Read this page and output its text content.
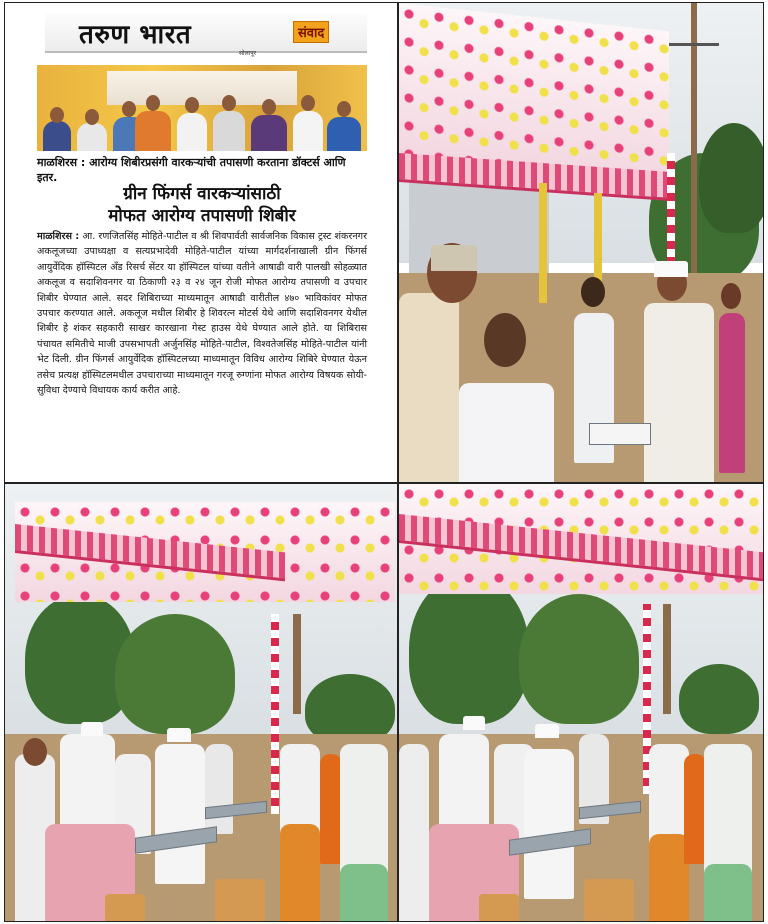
तरुण भारत	संवाद
सोलापूर
माळशिरस : आरोग्य शिबीरप्रसंगी वारकऱ्यांची तपासणी करताना डॉक्टर्स आणि इतर.
ग्रीन फिंगर्स वारकऱ्यांसाठी
मोफत आरोग्य तपासणी शिबीर
माळशिरस : आ. रणजितसिंह मोहिते-पाटील व श्री शिवपार्वती सार्वजनिक विकास ट्रस्ट शंकरनगर अकलूजच्या उपाध्यक्षा व सत्यप्रभादेवी मोहिते-पाटील यांच्या मार्गदर्शनाखाली ग्रीन फिंगर्स आयुर्वेदिक हॉस्पिटल अँड रिसर्च सेंटर या हॉस्पिटल यांच्या वतीने आषाढी वारी पालखी सोहळ्यात अकलूज व सदाशिवनगर या ठिकाणी २३ व २४ जून रोजी मोफत आरोग्य तपासणी व उपचार शिबीर घेण्यात आले. सदर शिबिराच्या माध्यमातून आषाढी वारीतील ४७० भाविकांवर मोफत उपचार करण्यात आले. अकलूज मधील शिबीर हे शिवरत्न मोटर्स येथे आणि सदाशिवनगर येथील शिबीर हे शंकर सहकारी साखर कारखाना गेस्ट हाउस येथे घेण्यात आले होते. या शिबिरास पंचायत समितीचे माजी उपसभापती अर्जुनसिंह मोहिते-पाटील, विश्वतेजसिंह मोहिते-पाटील यांनी भेट दिली. ग्रीन फिंगर्स आयुर्वेदिक हॉस्पिटलच्या माध्यमातून विविध आरोग्य शिबिरे घेण्यात येऊन तसेच प्रत्यक्ष हॉस्पिटलमधील उपचाराच्या माध्यमातून गरजू रुग्णांना मोफत आरोग्य विषयक सोयी-सुविधा देण्याचे विधायक कार्य करीत आहे.
